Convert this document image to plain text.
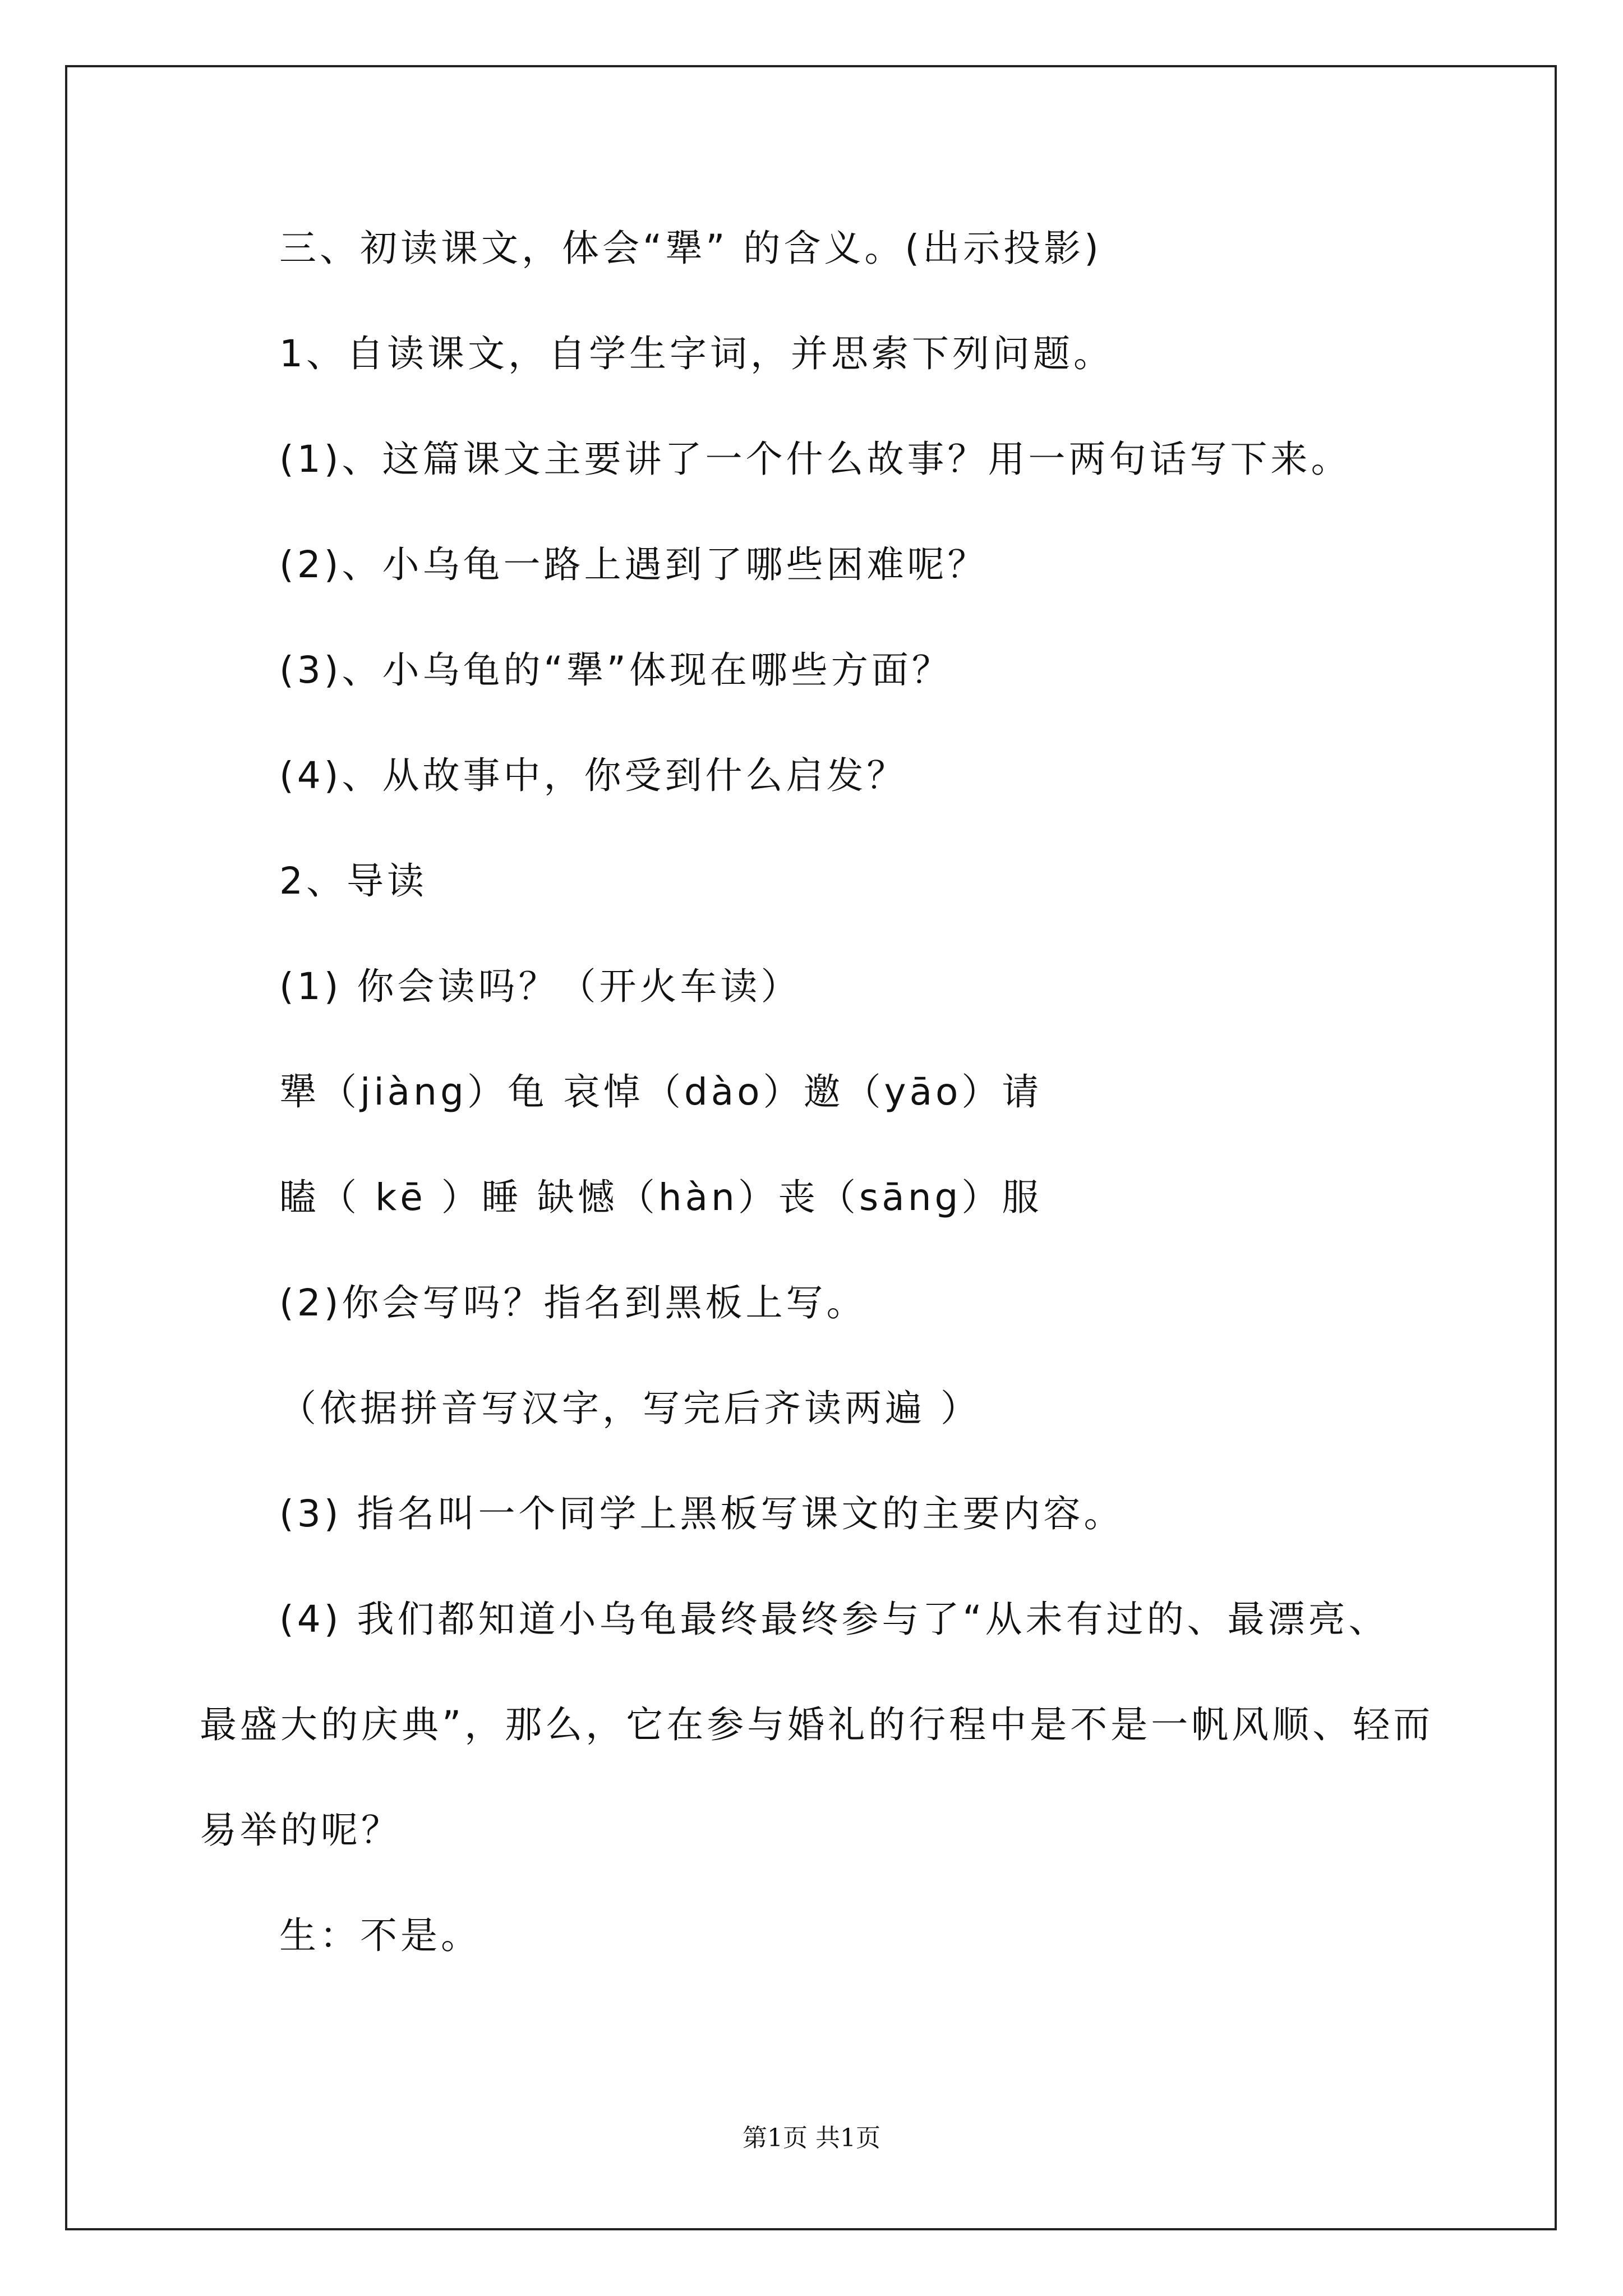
三、初读课文，体会“犟” 的含义。(出示投影)
1、自读课文，自学生字词，并思索下列问题。
(1)、这篇课文主要讲了一个什么故事？用一两句话写下来。
(2)、小乌龟一路上遇到了哪些困难呢？
(3)、小乌龟的“犟”体现在哪些方面？
(4)、从故事中，你受到什么启发？
2、导读
(1) 你会读吗？（开火车读）
犟（jiàng）龟 哀悼（dào）邀（yāo）请
瞌（ kē ）睡 缺憾（hàn）丧（sāng）服
(2)你会写吗？指名到黑板上写。
（依据拼音写汉字，写完后齐读两遍 ）
(3) 指名叫一个同学上黑板写课文的主要内容。
(4) 我们都知道小乌龟最终最终参与了“从未有过的、最漂亮、
最盛大的庆典”，那么，它在参与婚礼的行程中是不是一帆风顺、轻而
易举的呢？
生：不是。
第1页 共1页
